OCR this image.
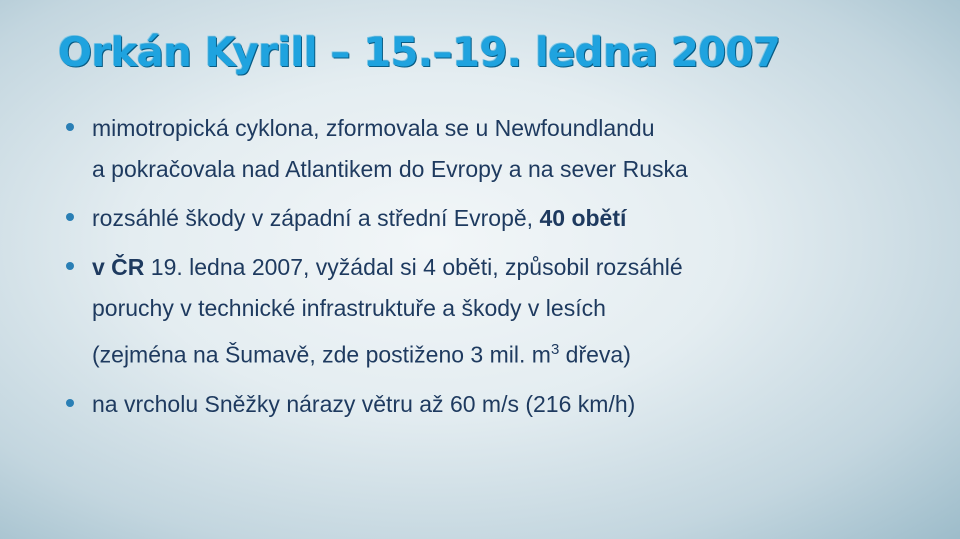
Orkán Kyrill – 15.–19. ledna 2007
mimotropická cyklona, zformovala se u Newfoundlandu
a pokračovala nad Atlantikem do Evropy a na sever Ruska
rozsáhlé škody v západní a střední Evropě, 40 obětí
v ČR 19. ledna 2007, vyžádal si 4 oběti, způsobil rozsáhlé
poruchy v technické infrastruktuře a škody v lesích
(zejména na Šumavě, zde postiženo 3 mil. $m^3$ dřeva)
na vrcholu Sněžky nárazy větru až 60 m/s (216 km/h)
